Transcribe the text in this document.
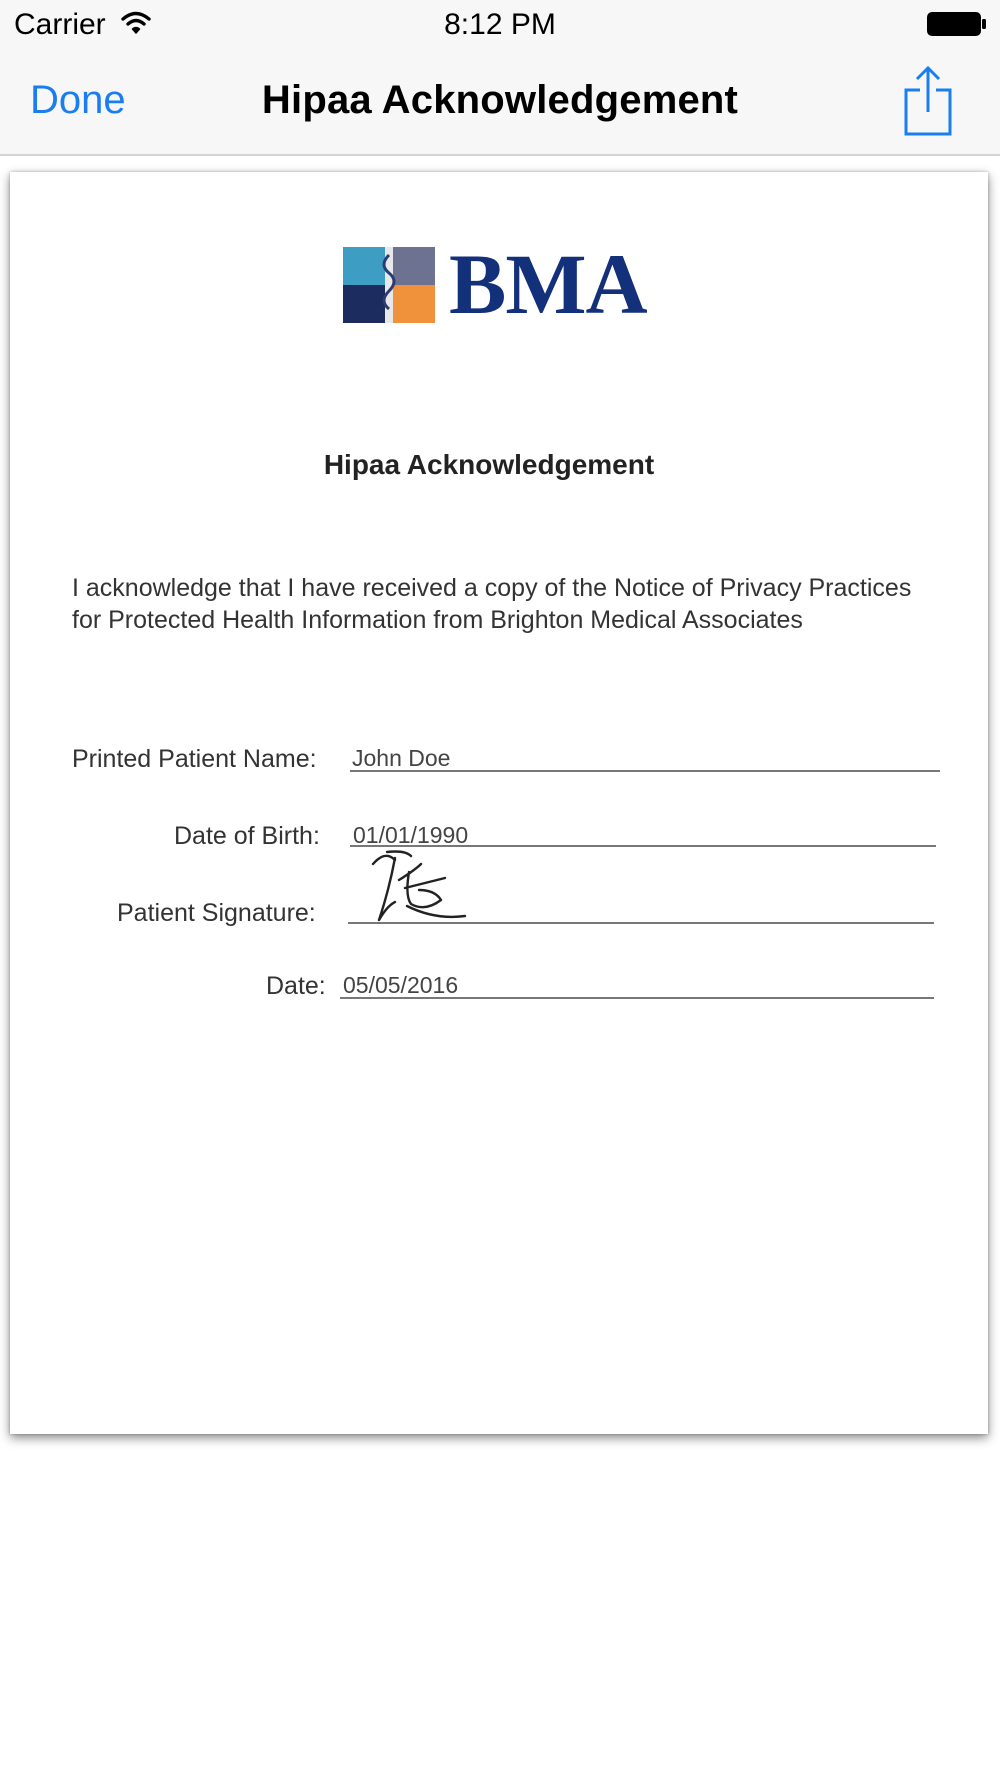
Carrier	8:12 PM
Done	Hipaa Acknowledgement
BMA
Hipaa Acknowledgement
I acknowledge that I have received a copy of the Notice of Privacy Practices for Protected Health Information from Brighton Medical Associates
Printed Patient Name: John Doe
Date of Birth: 01/01/1990
Patient Signature:
Date: 05/05/2016
